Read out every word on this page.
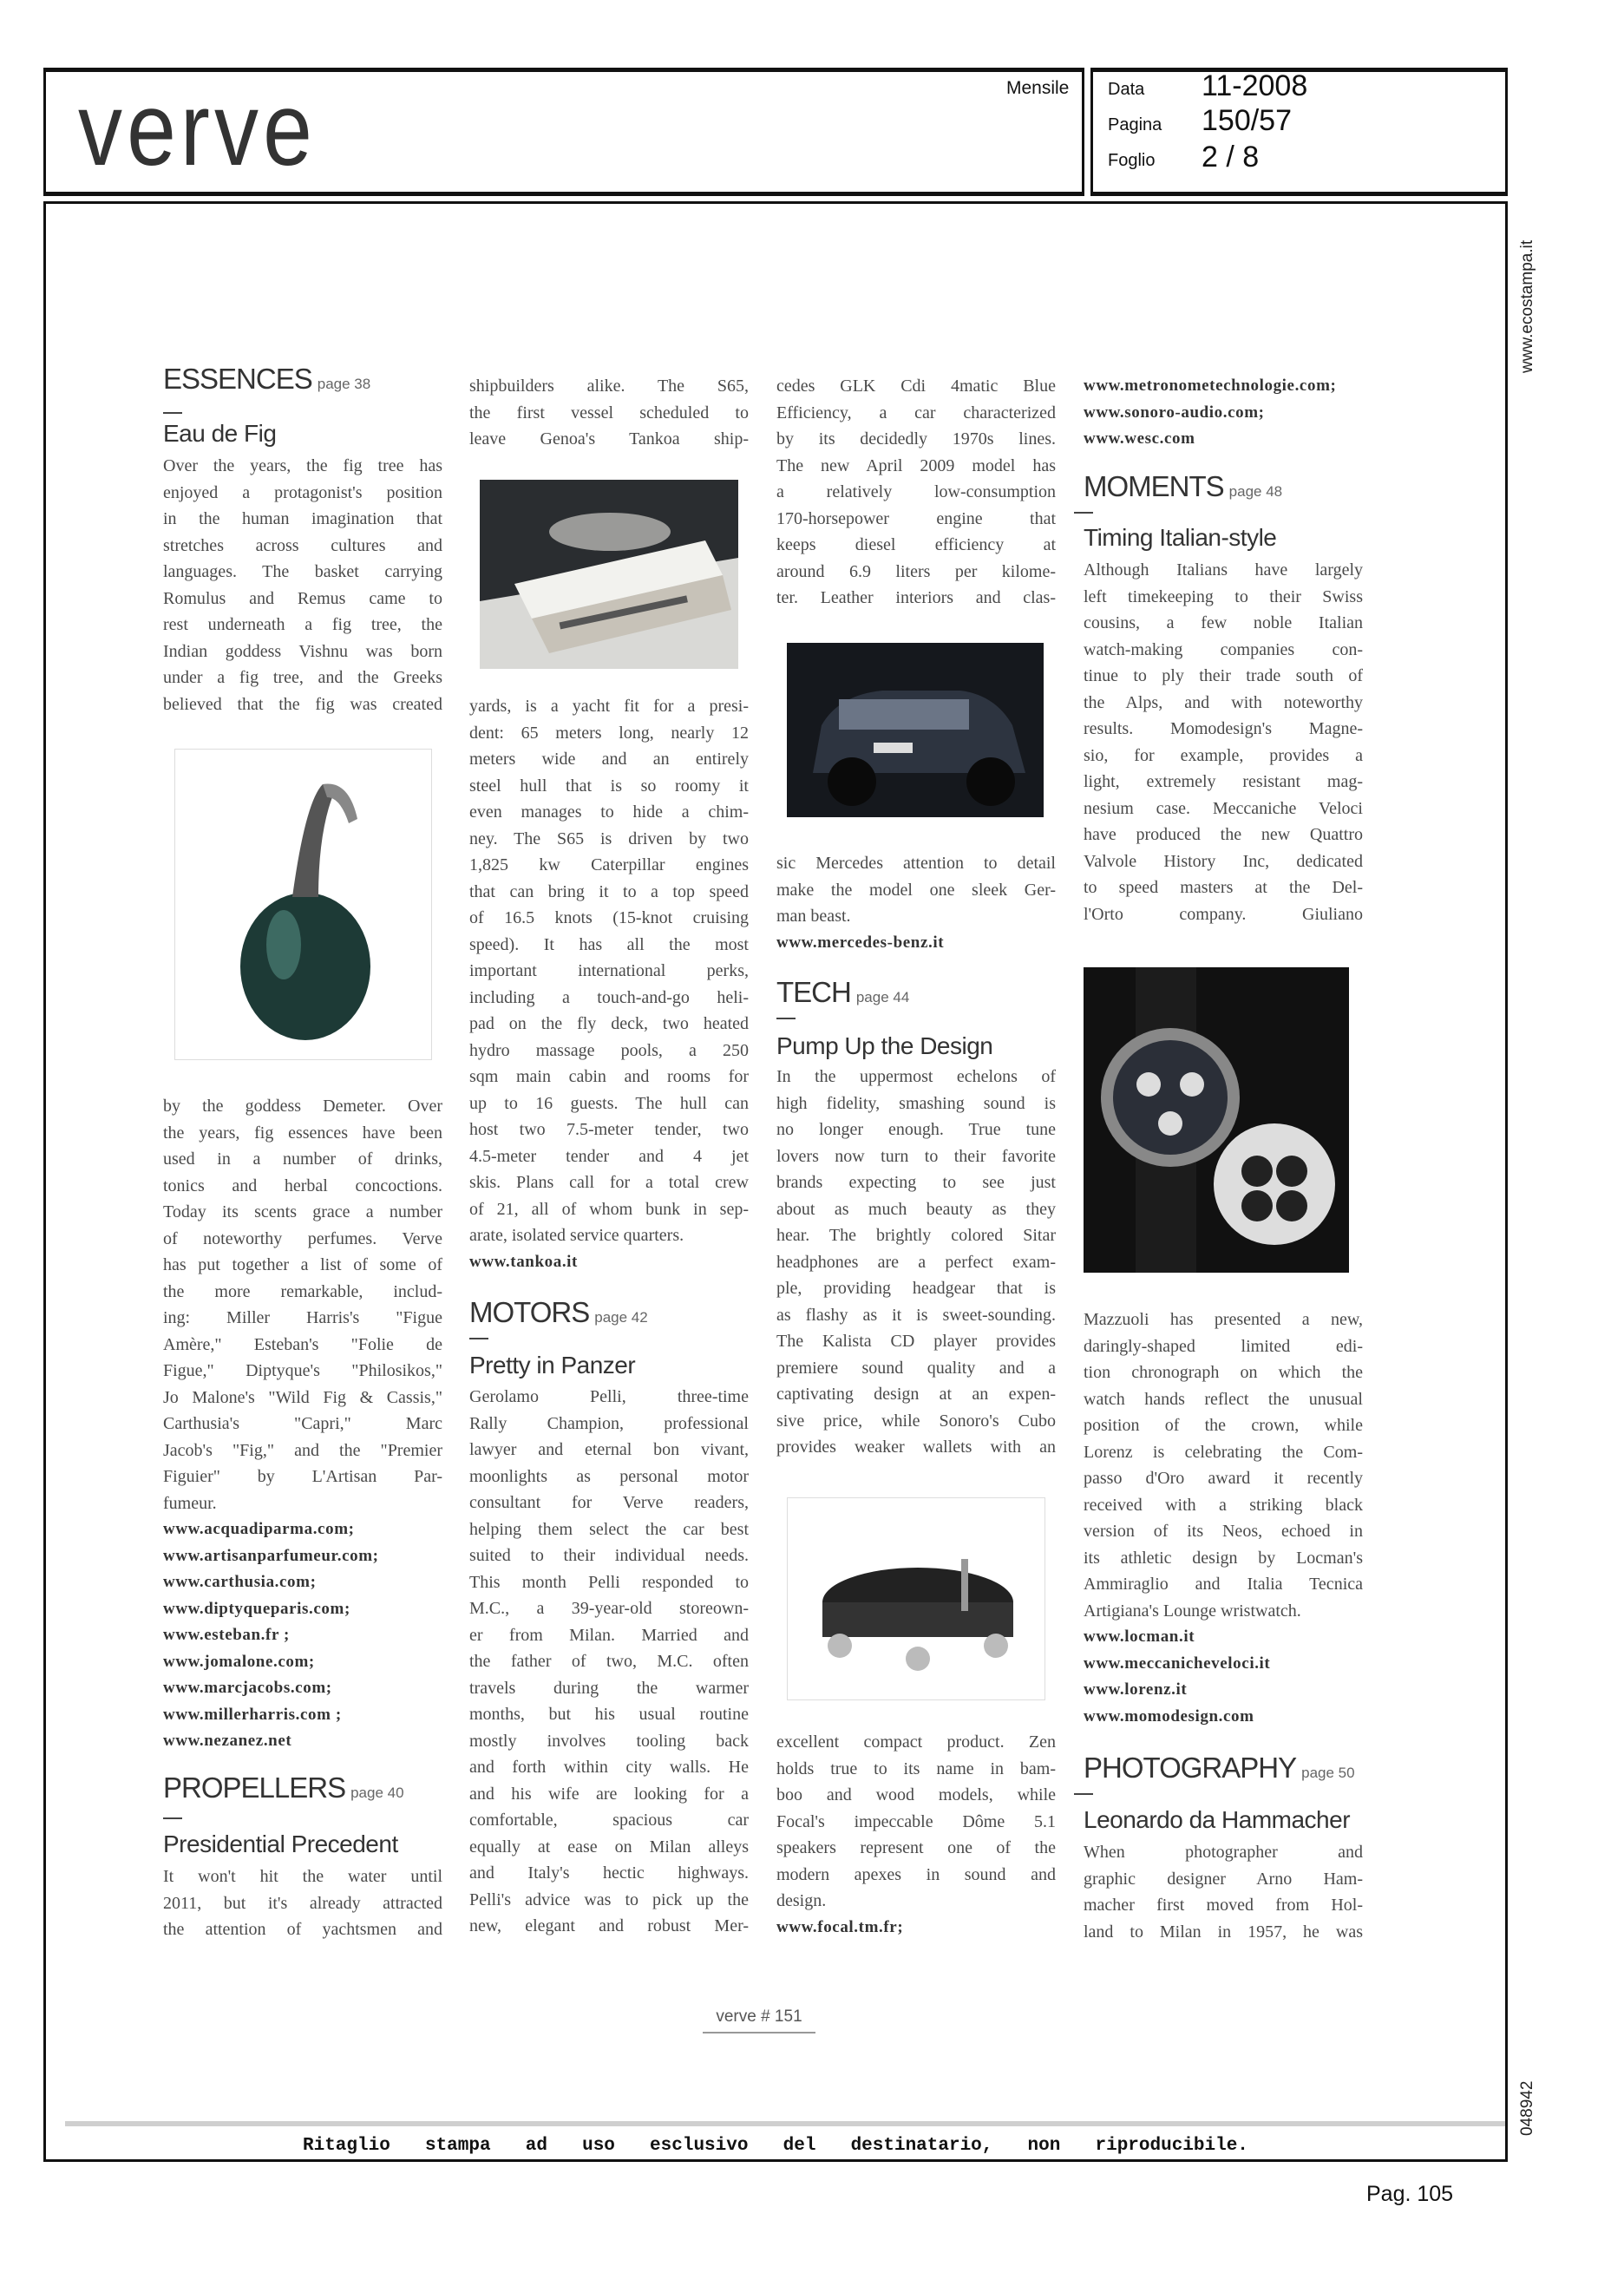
verve	Mensile Data 11-2008
Pagina 150/57
Foglio 2 / 8
www.ecostampa.it
048942
ESSENCES page 38
Eau de Fig
Over the years, the fig tree has
enjoyed a protagonist's position
in the human imagination that
stretches across cultures and
languages. The basket carrying
Romulus and Remus came to
rest underneath a fig tree, the
Indian goddess Vishnu was born
under a fig tree, and the Greeks
believed that the fig was created
by the goddess Demeter. Over
the years, fig essences have been
used in a number of drinks,
tonics and herbal concoctions.
Today its scents grace a number
of noteworthy perfumes. Verve
has put together a list of some of
the more remarkable, includ-
ing: Miller Harris's "Figue
Amère," Esteban's "Folie de
Figue," Diptyque's "Philosikos,"
Jo Malone's "Wild Fig & Cassis,"
Carthusia's "Capri," Marc
Jacob's "Fig," and the "Premier
Figuier" by L'Artisan Par-
fumeur.
www.acquadiparma.com;
www.artisanparfumeur.com;
www.carthusia.com;
www.diptyqueparis.com;
www.esteban.fr ;
www.jomalone.com;
www.marcjacobs.com;
www.millerharris.com ;
www.nezanez.net
PROPELLERS page 40
Presidential Precedent
It won't hit the water until
2011, but it's already attracted
the attention of yachtsmen and
shipbuilders alike. The S65,
the first vessel scheduled to
leave Genoa's Tankoa ship-
yards, is a yacht fit for a presi-
dent: 65 meters long, nearly 12
meters wide and an entirely
steel hull that is so roomy it
even manages to hide a chim-
ney. The S65 is driven by two
1,825 kw Caterpillar engines
that can bring it to a top speed
of 16.5 knots (15-knot cruising
speed). It has all the most
important international perks,
including a touch-and-go heli-
pad on the fly deck, two heated
hydro massage pools, a 250
sqm main cabin and rooms for
up to 16 guests. The hull can
host two 7.5-meter tender, two
4.5-meter tender and 4 jet
skis. Plans call for a total crew
of 21, all of whom bunk in sep-
arate, isolated service quarters.
www.tankoa.it
MOTORS page 42
Pretty in Panzer
Gerolamo Pelli, three-time
Rally Champion, professional
lawyer and eternal bon vivant,
moonlights as personal motor
consultant for Verve readers,
helping them select the car best
suited to their individual needs.
This month Pelli responded to
M.C., a 39-year-old storeown-
er from Milan. Married and
the father of two, M.C. often
travels during the warmer
months, but his usual routine
mostly involves tooling back
and forth within city walls. He
and his wife are looking for a
comfortable, spacious car
equally at ease on Milan alleys
and Italy's hectic highways.
Pelli's advice was to pick up the
new, elegant and robust Mer-
cedes GLK Cdi 4matic Blue
Efficiency, a car characterized
by its decidedly 1970s lines.
The new April 2009 model has
a relatively low-consumption
170-horsepower engine that
keeps diesel efficiency at
around 6.9 liters per kilome-
ter. Leather interiors and clas-
sic Mercedes attention to detail
make the model one sleek Ger-
man beast.
www.mercedes-benz.it
TECH page 44
Pump Up the Design
In the uppermost echelons of
high fidelity, smashing sound is
no longer enough. True tune
lovers now turn to their favorite
brands expecting to see just
about as much beauty as they
hear. The brightly colored Sitar
headphones are a perfect exam-
ple, providing headgear that is
as flashy as it is sweet-sounding.
The Kalista CD player provides
premiere sound quality and a
captivating design at an expen-
sive price, while Sonoro's Cubo
provides weaker wallets with an
excellent compact product. Zen
holds true to its name in bam-
boo and wood models, while
Focal's impeccable Dôme 5.1
speakers represent one of the
modern apexes in sound and
design.
www.focal.tm.fr;
www.metronometechnologie.com;
www.sonoro-audio.com;
www.wesc.com
MOMENTS page 48
Timing Italian-style
Although Italians have largely
left timekeeping to their Swiss
cousins, a few noble Italian
watch-making companies con-
tinue to ply their trade south of
the Alps, and with noteworthy
results. Momodesign's Magne-
sio, for example, provides a
light, extremely resistant mag-
nesium case. Meccaniche Veloci
have produced the new Quattro
Valvole History Inc, dedicated
to speed masters at the Del-
l'Orto company. Giuliano
Mazzuoli has presented a new,
daringly-shaped limited edi-
tion chronograph on which the
watch hands reflect the unusual
position of the crown, while
Lorenz is celebrating the Com-
passo d'Oro award it recently
received with a striking black
version of its Neos, echoed in
its athletic design by Locman's
Ammiraglio and Italia Tecnica
Artigiana's Lounge wristwatch.
www.locman.it
www.meccanicheveloci.it
www.lorenz.it
www.momodesign.com
PHOTOGRAPHY page 50
Leonardo da Hammacher
When photographer and
graphic designer Arno Ham-
macher first moved from Hol-
land to Milan in 1957, he was
verve # 151
Ritaglio stampa ad uso esclusivo del destinatario, non riproducibile.
Pag. 105
